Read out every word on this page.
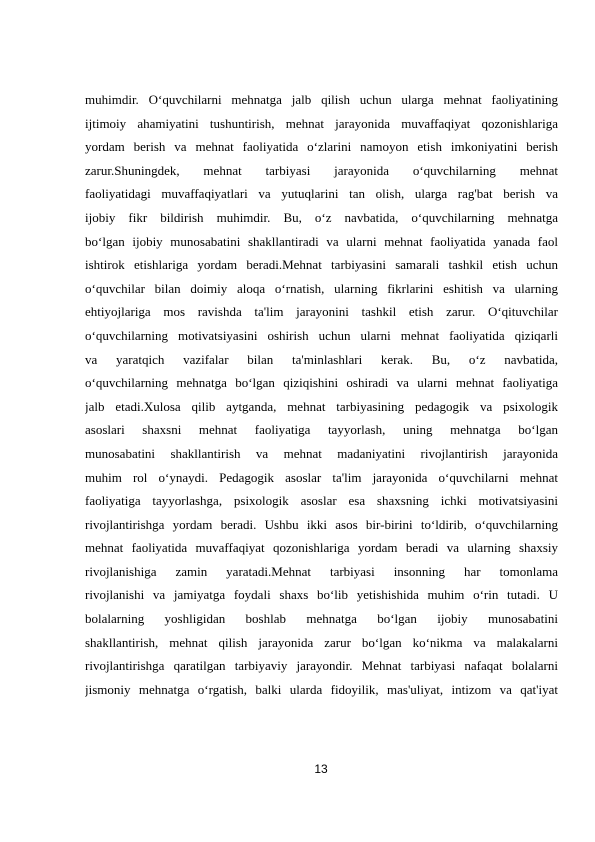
muhimdir. O‘quvchilarni mehnatga jalb qilish uchun ularga mehnat faoliyatining
ijtimoiy ahamiyatini tushuntirish, mehnat jarayonida muvaffaqiyat qozonishlariga
yordam berish va mehnat faoliyatida o‘zlarini namoyon etish imkoniyatini berish
zarur.Shuningdek, mehnat tarbiyasi jarayonida o‘quvchilarning mehnat
faoliyatidagi muvaffaqiyatlari va yutuqlarini tan olish, ularga rag'bat berish va
ijobiy fikr bildirish muhimdir. Bu, o‘z navbatida, o‘quvchilarning mehnatga
bo‘lgan ijobiy munosabatini shakllantiradi va ularni mehnat faoliyatida yanada faol
ishtirok etishlariga yordam beradi.Mehnat tarbiyasini samarali tashkil etish uchun
o‘quvchilar bilan doimiy aloqa o‘rnatish, ularning fikrlarini eshitish va ularning
ehtiyojlariga mos ravishda ta'lim jarayonini tashkil etish zarur. O‘qituvchilar
o‘quvchilarning motivatsiyasini oshirish uchun ularni mehnat faoliyatida qiziqarli
va yaratqich vazifalar bilan ta'minlashlari kerak. Bu, o‘z navbatida,
o‘quvchilarning mehnatga bo‘lgan qiziqishini oshiradi va ularni mehnat faoliyatiga
jalb etadi.Xulosa qilib aytganda, mehnat tarbiyasining pedagogik va psixologik
asoslari shaxsni mehnat faoliyatiga tayyorlash, uning mehnatga bo‘lgan
munosabatini shakllantirish va mehnat madaniyatini rivojlantirish jarayonida
muhim rol o‘ynaydi. Pedagogik asoslar ta'lim jarayonida o‘quvchilarni mehnat
faoliyatiga tayyorlashga, psixologik asoslar esa shaxsning ichki motivatsiyasini
rivojlantirishga yordam beradi. Ushbu ikki asos bir-birini to‘ldirib, o‘quvchilarning
mehnat faoliyatida muvaffaqiyat qozonishlariga yordam beradi va ularning shaxsiy
rivojlanishiga zamin yaratadi.Mehnat tarbiyasi insonning har tomonlama
rivojlanishi va jamiyatga foydali shaxs bo‘lib yetishishida muhim o‘rin tutadi. U
bolalarning yoshligidan boshlab mehnatga bo‘lgan ijobiy munosabatini
shakllantirish, mehnat qilish jarayonida zarur bo‘lgan ko‘nikma va malakalarni
rivojlantirishga qaratilgan tarbiyaviy jarayondir. Mehnat tarbiyasi nafaqat bolalarni
jismoniy mehnatga o‘rgatish, balki ularda fidoyilik, mas'uliyat, intizom va qat'iyat
13
